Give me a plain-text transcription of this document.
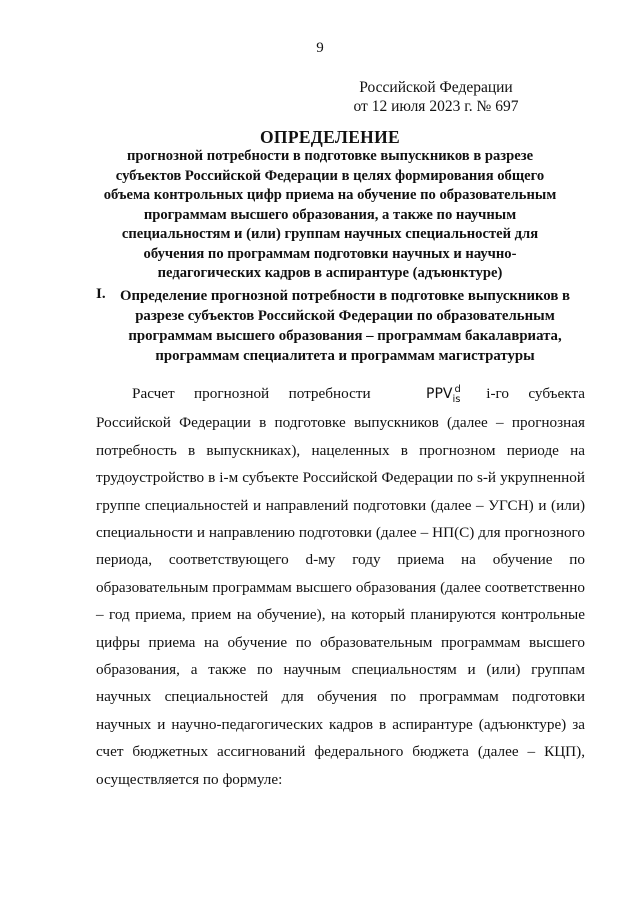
9
Российской Федерации
от 12 июля 2023 г. № 697
ОПРЕДЕЛЕНИЕ
прогнозной потребности в подготовке выпускников в разрезе субъектов Российской Федерации в целях формирования общего объема контрольных цифр приема на обучение по образовательным программам высшего образования, а также по научным специальностям и (или) группам научных специальностей для обучения по программам подготовки научных и научно-педагогических кадров в аспирантуре (адъюнктуре)
I. Определение прогнозной потребности в подготовке выпускников в разрезе субъектов Российской Федерации по образовательным программам высшего образования – программам бакалавриата, программам специалитета и программам магистратуры

Расчет прогнозной потребности	$PPV_{is}^d$ i-го субъекта Российской Федерации в подготовке выпускников (далее – прогнозная потребность в выпускниках), нацеленных в прогнозном периоде на трудоустройство в i-м субъекте Российской Федерации по s-й укрупненной группе специальностей и направлений подготовки (далее – УГСН) и (или) специальности и направлению подготовки (далее – НП(С) для прогнозного периода, соответствующего d-му году приема на обучение по образовательным программам высшего образования (далее соответственно – год приема, прием на обучение), на который планируются контрольные цифры приема на обучение по образовательным программам высшего образования, а также по научным специальностям и (или) группам научных специальностей для обучения по программам подготовки научных и научно-педагогических кадров в аспирантуре (адъюнктуре) за счет бюджетных ассигнований федерального бюджета (далее – КЦП), осуществляется по формуле:
